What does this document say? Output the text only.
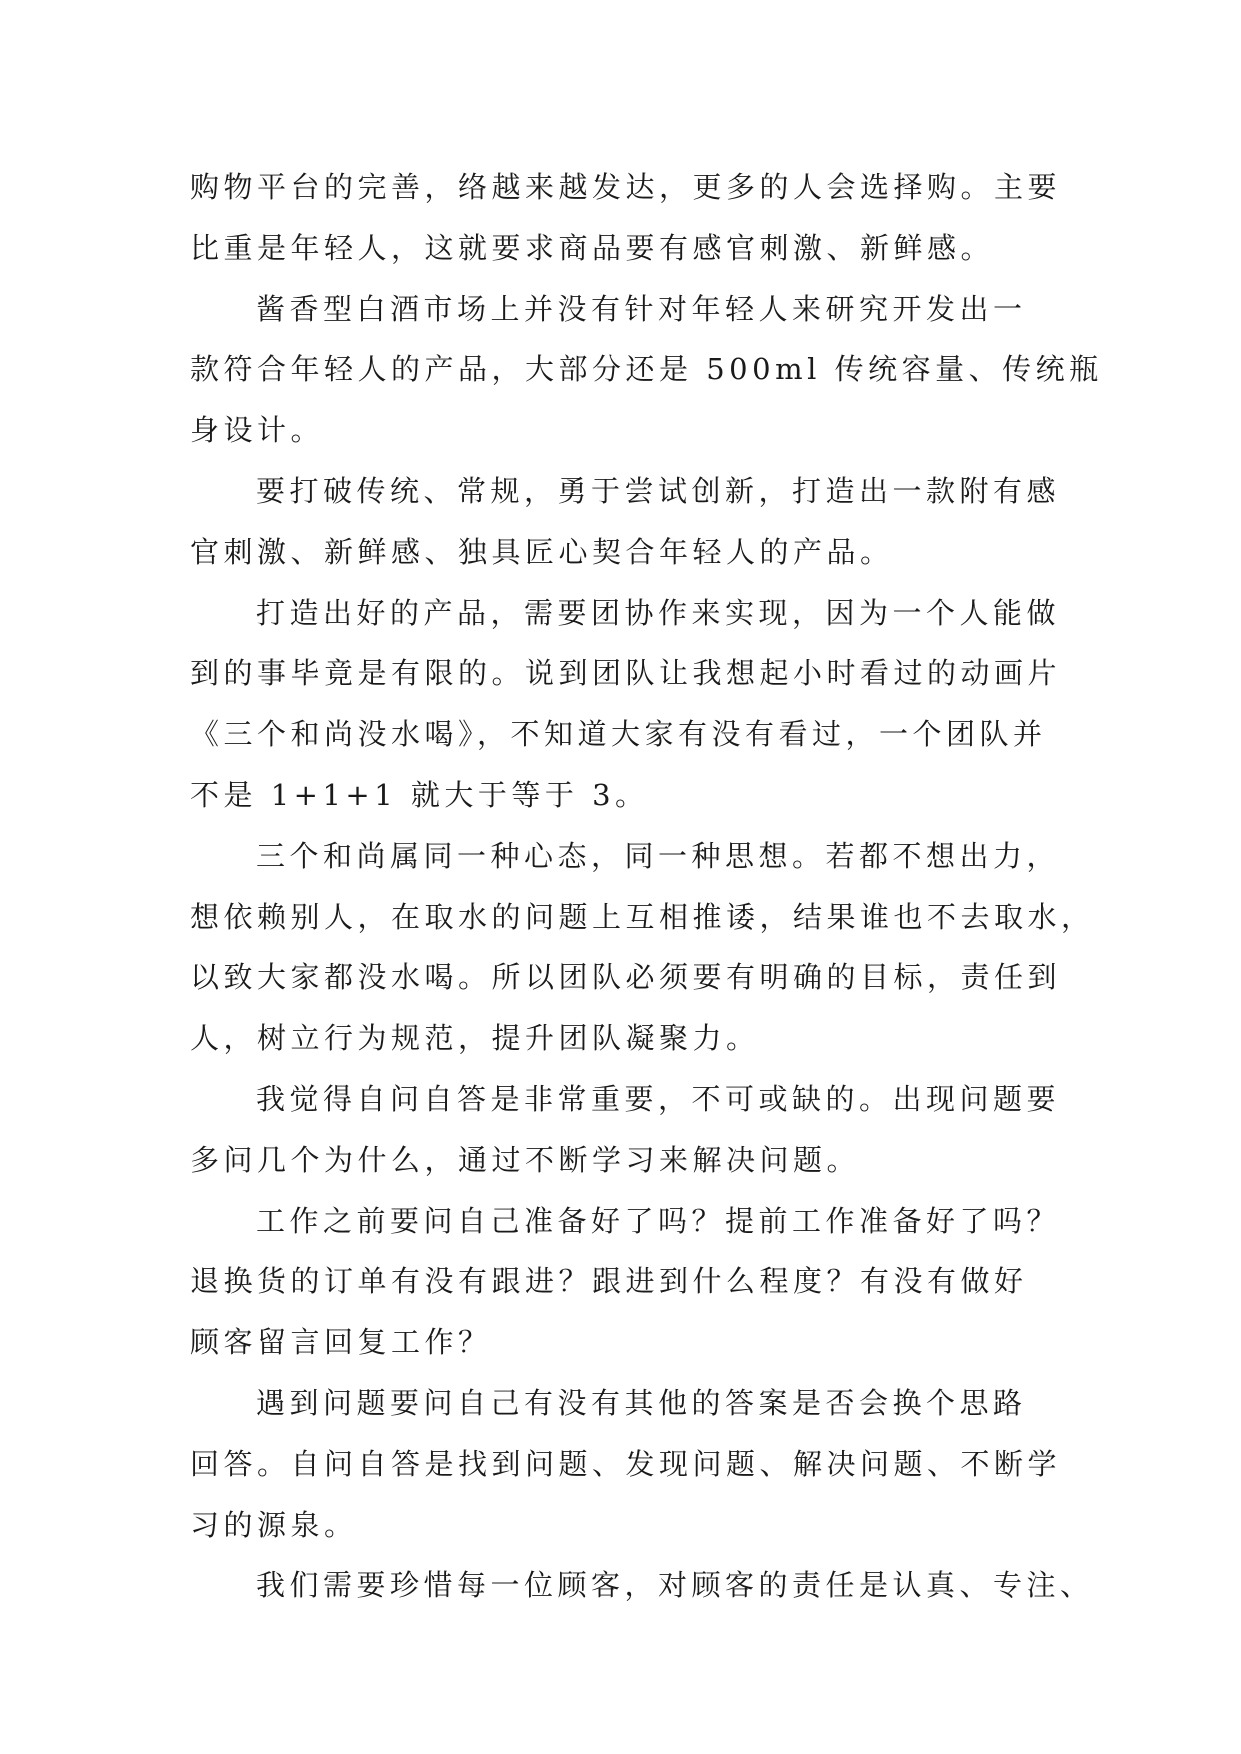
购物平台的完善，络越来越发达，更多的人会选择购。主要
比重是年轻人，这就要求商品要有感官刺激、新鲜感。
酱香型白酒市场上并没有针对年轻人来研究开发出一
款符合年轻人的产品，大部分还是 500ml 传统容量、传统瓶
身设计。
要打破传统、常规，勇于尝试创新，打造出一款附有感
官刺激、新鲜感、独具匠心契合年轻人的产品。
打造出好的产品，需要团协作来实现，因为一个人能做
到的事毕竟是有限的。说到团队让我想起小时看过的动画片
《三个和尚没水喝》，不知道大家有没有看过，一个团队并
不是 1+1+1 就大于等于 3。
三个和尚属同一种心态，同一种思想。若都不想出力，
想依赖别人，在取水的问题上互相推诿，结果谁也不去取水，
以致大家都没水喝。所以团队必须要有明确的目标，责任到
人，树立行为规范，提升团队凝聚力。
我觉得自问自答是非常重要，不可或缺的。出现问题要
多问几个为什么，通过不断学习来解决问题。
工作之前要问自己准备好了吗？提前工作准备好了吗？
退换货的订单有没有跟进？跟进到什么程度？有没有做好
顾客留言回复工作？
遇到问题要问自己有没有其他的答案是否会换个思路
回答。自问自答是找到问题、发现问题、解决问题、不断学
习的源泉。
我们需要珍惜每一位顾客，对顾客的责任是认真、专注、
